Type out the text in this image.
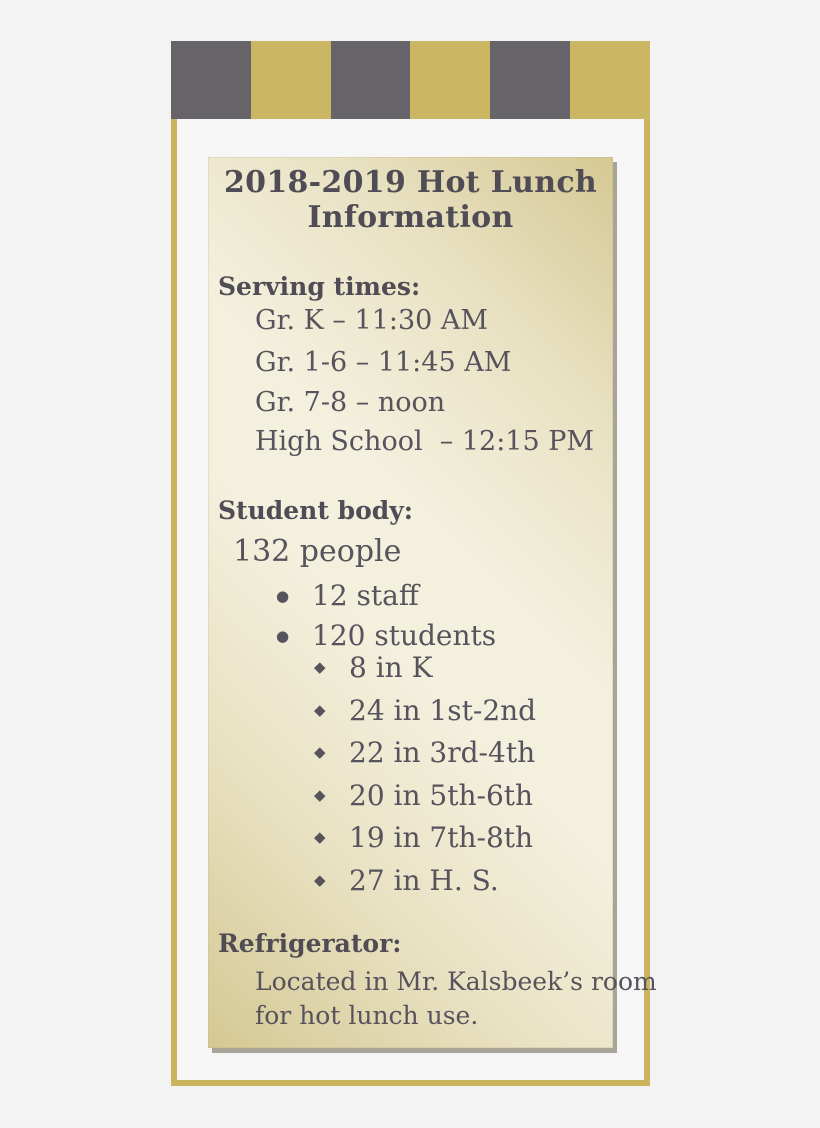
2018-2019 Hot Lunch
Information
Serving times:
Gr. K – 11:30 AM
Gr. 1-6 – 11:45 AM
Gr. 7-8 – noon
High School  – 12:15 PM
Student body:
132 people
● 12 staff
● 120 students
◆ 8 in K
◆ 24 in 1st-2nd
◆ 22 in 3rd-4th
◆ 20 in 5th-6th
◆ 19 in 7th-8th
◆ 27 in H. S.
Refrigerator:
Located in Mr. Kalsbeek’s room
for hot lunch use.
